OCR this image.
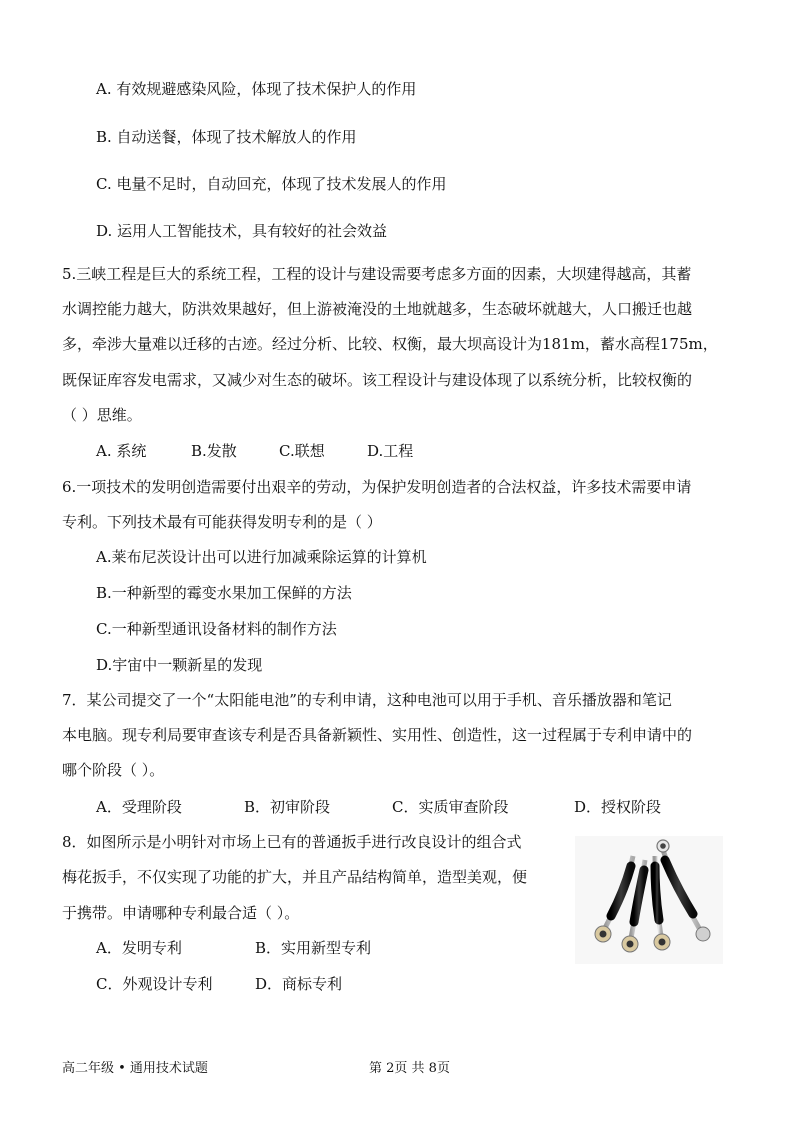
A. 有效规避感染风险，体现了技术保护人的作用
B. 自动送餐，体现了技术解放人的作用
C. 电量不足时，自动回充，体现了技术发展人的作用
D. 运用人工智能技术，具有较好的社会效益
5.三峡工程是巨大的系统工程，工程的设计与建设需要考虑多方面的因素，大坝建得越高，其蓄
水调控能力越大，防洪效果越好，但上游被淹没的土地就越多，生态破坏就越大，人口搬迁也越
多，牵涉大量难以迁移的古迹。经过分析、比较、权衡，最大坝高设计为181m，蓄水高程175m，
既保证库容发电需求，又减少对生态的破坏。该工程设计与建设体现了以系统分析，比较权衡的
（ ）思维。
A. 系统	B.发散	C.联想	D.工程
6.一项技术的发明创造需要付出艰辛的劳动，为保护发明创造者的合法权益，许多技术需要申请
专利。下列技术最有可能获得发明专利的是（ ）
A.莱布尼茨设计出可以进行加减乘除运算的计算机
B.一种新型的霉变水果加工保鲜的方法
C.一种新型通讯设备材料的制作方法
D.宇宙中一颗新星的发现
7．某公司提交了一个“太阳能电池”的专利申请，这种电池可以用于手机、音乐播放器和笔记
本电脑。现专利局要审查该专利是否具备新颖性、实用性、创造性，这一过程属于专利申请中的
哪个阶段（ ）。
A．受理阶段	B．初审阶段	C．实质审查阶段	D．授权阶段
8．如图所示是小明针对市场上已有的普通扳手进行改良设计的组合式
梅花扳手，不仅实现了功能的扩大，并且产品结构简单，造型美观，便
于携带。申请哪种专利最合适（ ）。
A．发明专利	B．实用新型专利
C．外观设计专利	D．商标专利
高二年级 • 通用技术试题	第 2页 共 8页
